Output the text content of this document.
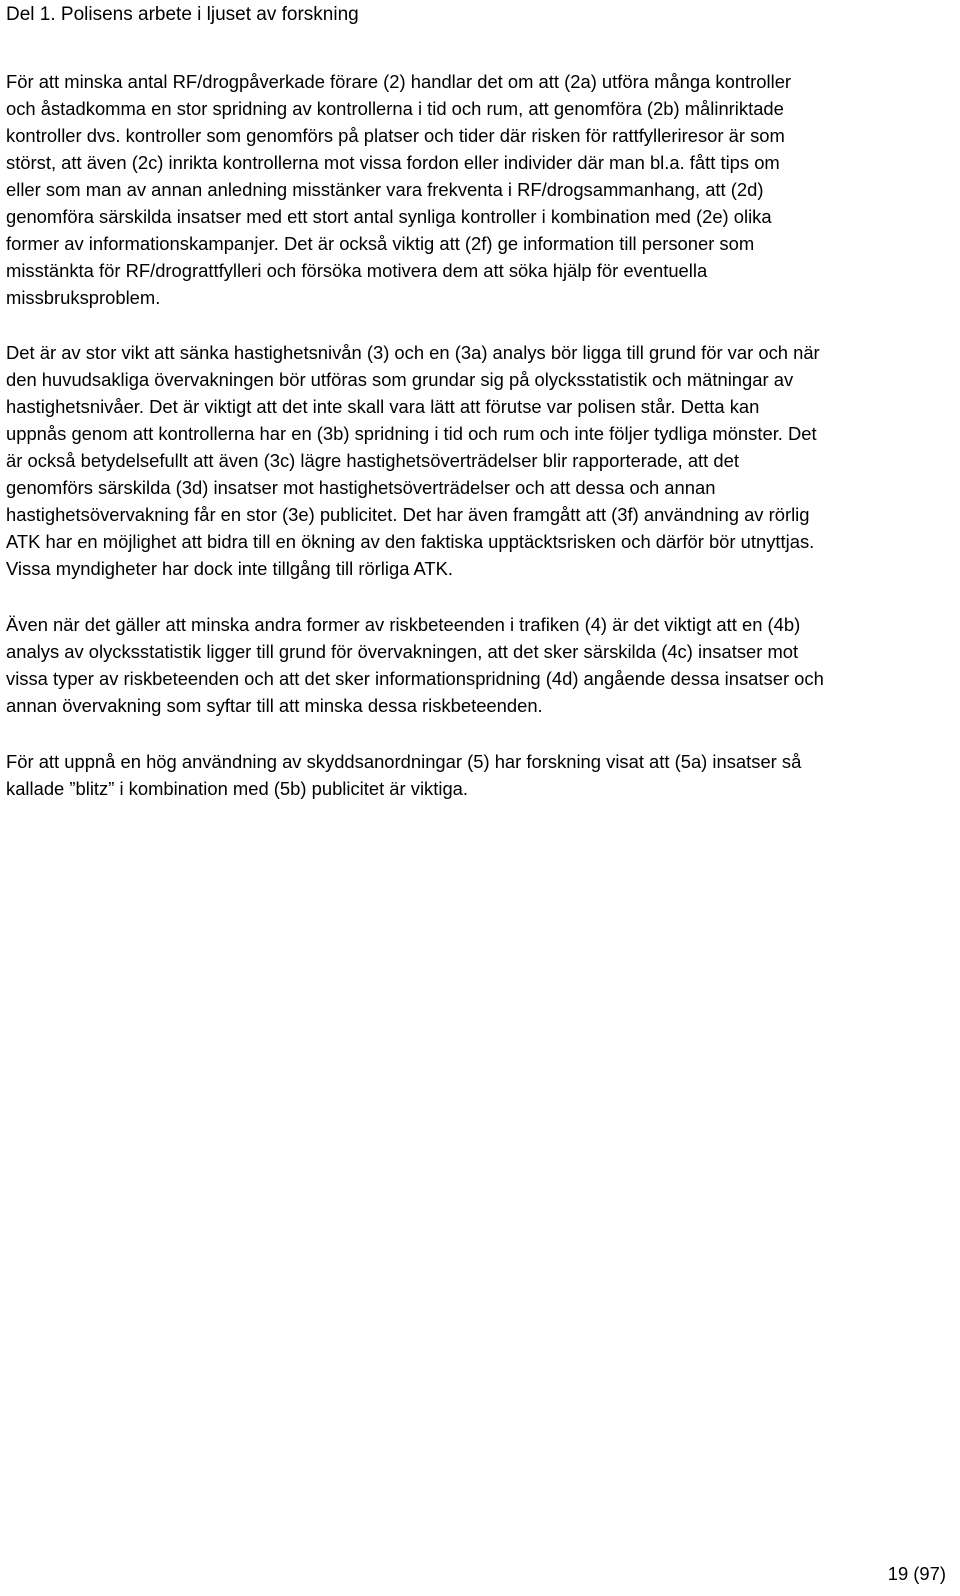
Del 1. Polisens arbete i ljuset av forskning
För att minska antal RF/drogpåverkade förare (2) handlar det om att (2a) utföra många kontroller
och åstadkomma en stor spridning av kontrollerna i tid och rum, att genomföra (2b) målinriktade
kontroller dvs. kontroller som genomförs på platser och tider där risken för rattfylleriresor är som
störst, att även (2c) inrikta kontrollerna mot vissa fordon eller individer där man bl.a. fått tips om
eller som man av annan anledning misstänker vara frekventa i RF/drogsammanhang, att (2d)
genomföra särskilda insatser med ett stort antal synliga kontroller i kombination med (2e) olika
former av informationskampanjer. Det är också viktig att (2f) ge information till personer som
misstänkta för RF/drograttfylleri och försöka motivera dem att söka hjälp för eventuella
missbruksproblem.
Det är av stor vikt att sänka hastighetsnivån (3) och en (3a) analys bör ligga till grund för var och när
den huvudsakliga övervakningen bör utföras som grundar sig på olycksstatistik och mätningar av
hastighetsnivåer. Det är viktigt att det inte skall vara lätt att förutse var polisen står. Detta kan
uppnås genom att kontrollerna har en (3b) spridning i tid och rum och inte följer tydliga mönster. Det
är också betydelsefullt att även (3c) lägre hastighetsöverträdelser blir rapporterade, att det
genomförs särskilda (3d) insatser mot hastighetsöverträdelser och att dessa och annan
hastighetsövervakning får en stor (3e) publicitet. Det har även framgått att (3f) användning av rörlig
ATK har en möjlighet att bidra till en ökning av den faktiska upptäcktsrisken och därför bör utnyttjas.
Vissa myndigheter har dock inte tillgång till rörliga ATK.
Även när det gäller att minska andra former av riskbeteenden i trafiken (4) är det viktigt att en (4b)
analys av olycksstatistik ligger till grund för övervakningen, att det sker särskilda (4c) insatser mot
vissa typer av riskbeteenden och att det sker informationspridning (4d) angående dessa insatser och
annan övervakning som syftar till att minska dessa riskbeteenden.
För att uppnå en hög användning av skyddsanordningar (5) har forskning visat att (5a) insatser så
kallade ”blitz” i kombination med (5b) publicitet är viktiga.
19 (97)
